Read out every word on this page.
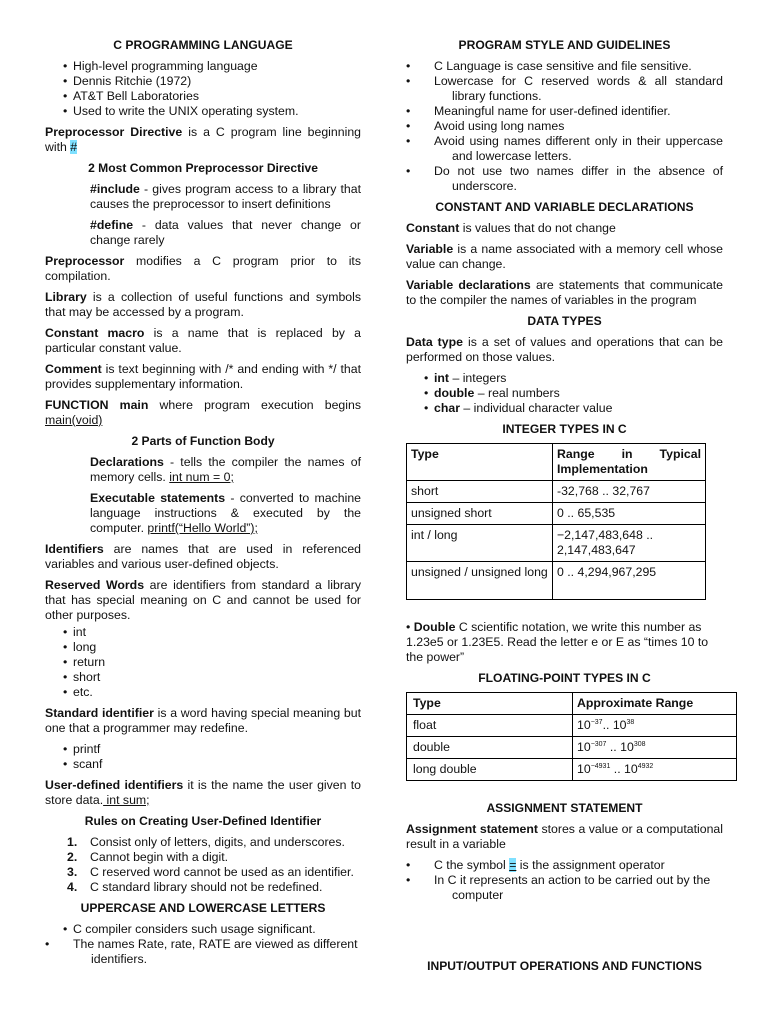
C PROGRAMMING LANGUAGE
• High-level programming language
• Dennis Ritchie (1972)
• AT&T Bell Laboratories
• Used to write the UNIX operating system.

Preprocessor Directive is a C program line beginning with #

2 Most Common Preprocessor Directive

#include - gives program access to a library that causes the preprocessor to insert definitions

#define - data values that never change or change rarely

Preprocessor modifies a C program prior to its compilation.

Library is a collection of useful functions and symbols that may be accessed by a program.

Constant macro is a name that is replaced by a particular constant value.

Comment is text beginning with /* and ending with */ that provides supplementary information.

FUNCTION main where program execution begins main(void)

2 Parts of Function Body

Declarations - tells the compiler the names of memory cells. int num = 0;

Executable statements - converted to machine language instructions & executed by the computer. printf(“Hello World”);

Identifiers are names that are used in referenced variables and various user-defined objects.

Reserved Words are identifiers from standard a library that has special meaning on C and cannot be used for other purposes.

• int
• long
• return
• short
• etc.

Standard identifier is a word having special meaning but one that a programmer may redefine.

• printf
• scanf

User-defined identifiers it is the name the user given to store data. int sum;

Rules on Creating User-Defined Identifier
1. Consist only of letters, digits, and underscores.
2. Cannot begin with a digit.
3. C reserved word cannot be used as an identifier.
4. C standard library should not be redefined.
UPPERCASE AND LOWERCASE LETTERS
• C compiler considers such usage significant.
• The names Rate, rate, RATE are viewed as different identifiers.
PROGRAM STYLE AND GUIDELINES
• C Language is case sensitive and file sensitive.
• Lowercase for C reserved words & all standard library functions.
• Meaningful name for user-defined identifier.
• Avoid using long names
• Avoid using names different only in their uppercase and lowercase letters.
• Do not use two names differ in the absence of underscore.
CONSTANT AND VARIABLE DECLARATIONS

Constant is values that do not change

Variable is a name associated with a memory cell whose value can change.

Variable declarations are statements that communicate to the compiler the names of variables in the program

DATA TYPES

Data type is a set of values and operations that can be performed on those values.

• int – integers
• double – real numbers
• char – individual character value
INTEGER TYPES IN C
Type	Range in Typical Implementation
short	-32,768 .. 32,767
unsigned short	0 .. 65,535
int / long	−2,147,483,648 .. 2,147,483,647
unsigned / unsigned long	0 .. 4,294,967,295

• Double C scientific notation, we write this number as 1.23e5 or 1.23E5. Read the letter e or E as “times 10 to the power”

FLOATING-POINT TYPES IN C
Type	Approximate Range
float	$10^{-37}$.. $10^{38}$
double	$10^{-307}$ .. $10^{308}$
long double	$10^{-4931}$ .. $10^{4932}$
ASSIGNMENT STATEMENT

Assignment statement stores a value or a computational result in a variable

• C the symbol = is the assignment operator
• In C it represents an action to be carried out by the computer
INPUT/OUTPUT OPERATIONS AND FUNCTIONS
